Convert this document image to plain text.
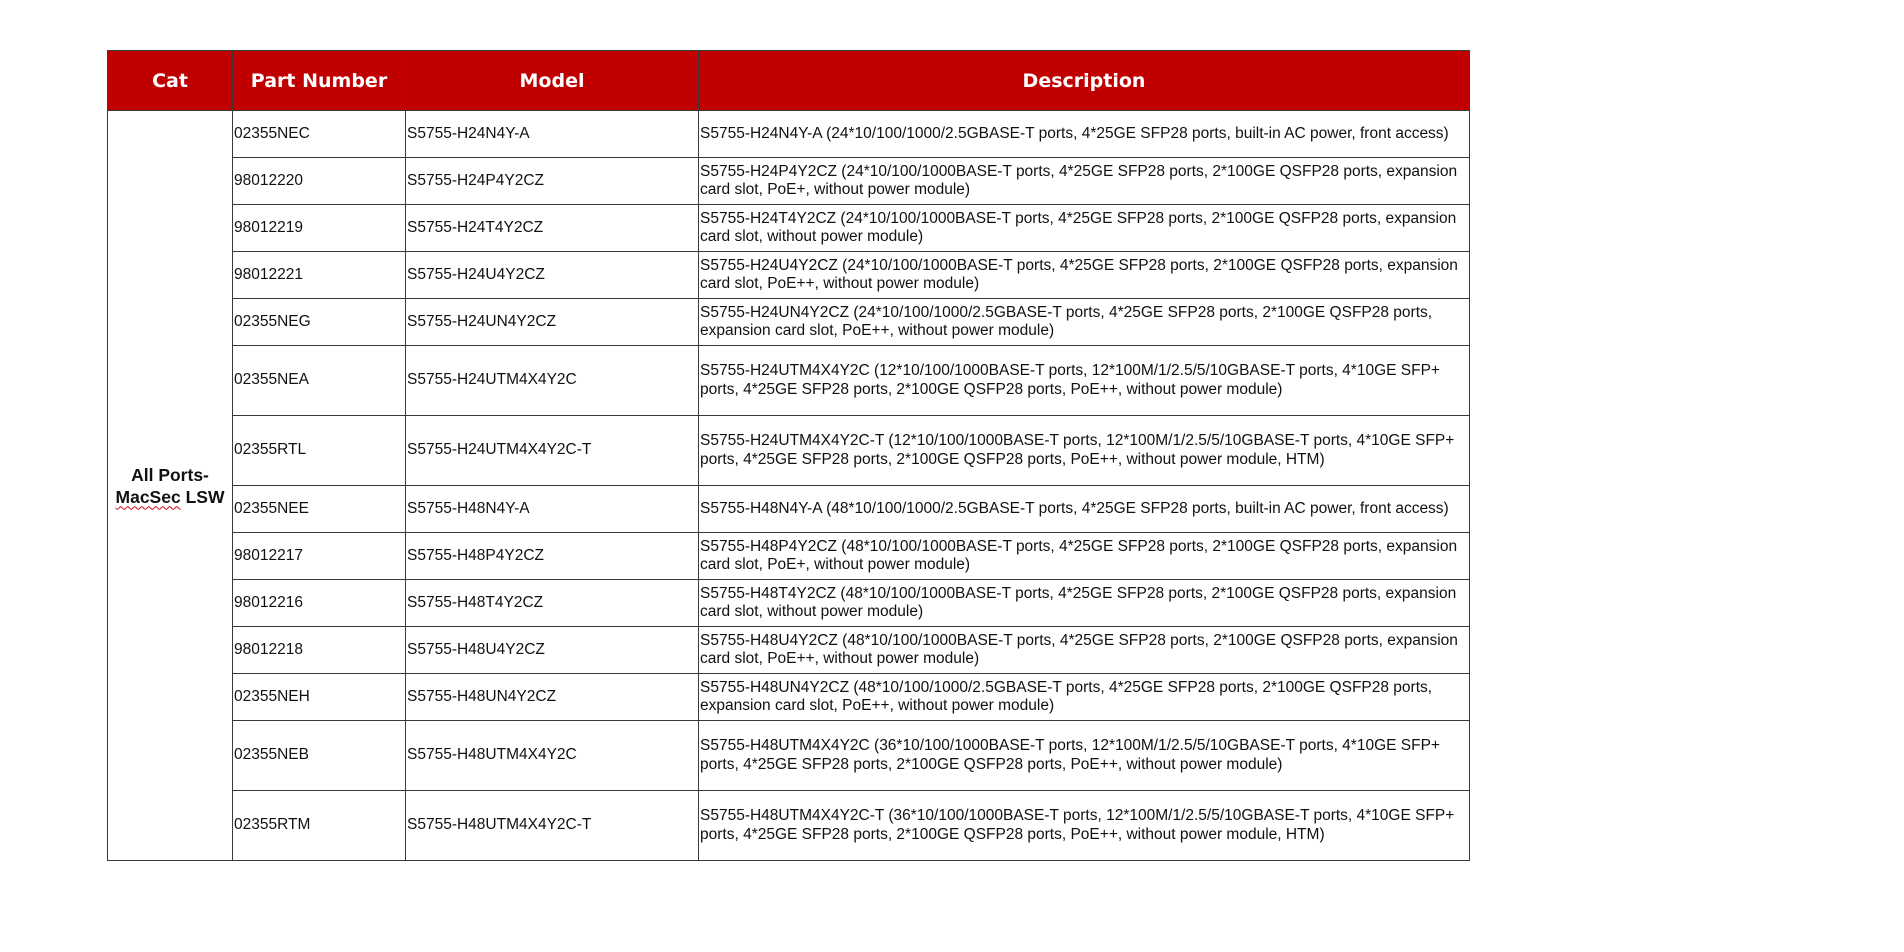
Cat	Part Number	Model	Description
All Ports-
MacSec LSW	02355NEC	S5755-H24N4Y-A	S5755-H24N4Y-A (24*10/100/1000/2.5GBASE-T ports, 4*25GE SFP28 ports, built-in AC power, front access)
	98012220	S5755-H24P4Y2CZ	S5755-H24P4Y2CZ (24*10/100/1000BASE-T ports, 4*25GE SFP28 ports, 2*100GE QSFP28 ports, expansion card slot, PoE+, without power module)
	98012219	S5755-H24T4Y2CZ	S5755-H24T4Y2CZ (24*10/100/1000BASE-T ports, 4*25GE SFP28 ports, 2*100GE QSFP28 ports, expansion card slot, without power module)
	98012221	S5755-H24U4Y2CZ	S5755-H24U4Y2CZ (24*10/100/1000BASE-T ports, 4*25GE SFP28 ports, 2*100GE QSFP28 ports, expansion card slot, PoE++, without power module)
	02355NEG	S5755-H24UN4Y2CZ	S5755-H24UN4Y2CZ (24*10/100/1000/2.5GBASE-T ports, 4*25GE SFP28 ports, 2*100GE QSFP28 ports, expansion card slot, PoE++, without power module)
	02355NEA	S5755-H24UTM4X4Y2C	S5755-H24UTM4X4Y2C (12*10/100/1000BASE-T ports, 12*100M/1/2.5/5/10GBASE-T ports, 4*10GE SFP+ ports, 4*25GE SFP28 ports, 2*100GE QSFP28 ports, PoE++, without power module)
	02355RTL	S5755-H24UTM4X4Y2C-T	S5755-H24UTM4X4Y2C-T (12*10/100/1000BASE-T ports, 12*100M/1/2.5/5/10GBASE-T ports, 4*10GE SFP+ ports, 4*25GE SFP28 ports, 2*100GE QSFP28 ports, PoE++, without power module, HTM)
	02355NEE	S5755-H48N4Y-A	S5755-H48N4Y-A (48*10/100/1000/2.5GBASE-T ports, 4*25GE SFP28 ports, built-in AC power, front access)
	98012217	S5755-H48P4Y2CZ	S5755-H48P4Y2CZ (48*10/100/1000BASE-T ports, 4*25GE SFP28 ports, 2*100GE QSFP28 ports, expansion card slot, PoE+, without power module)
	98012216	S5755-H48T4Y2CZ	S5755-H48T4Y2CZ (48*10/100/1000BASE-T ports, 4*25GE SFP28 ports, 2*100GE QSFP28 ports, expansion card slot, without power module)
	98012218	S5755-H48U4Y2CZ	S5755-H48U4Y2CZ (48*10/100/1000BASE-T ports, 4*25GE SFP28 ports, 2*100GE QSFP28 ports, expansion card slot, PoE++, without power module)
	02355NEH	S5755-H48UN4Y2CZ	S5755-H48UN4Y2CZ (48*10/100/1000/2.5GBASE-T ports, 4*25GE SFP28 ports, 2*100GE QSFP28 ports, expansion card slot, PoE++, without power module)
	02355NEB	S5755-H48UTM4X4Y2C	S5755-H48UTM4X4Y2C (36*10/100/1000BASE-T ports, 12*100M/1/2.5/5/10GBASE-T ports, 4*10GE SFP+ ports, 4*25GE SFP28 ports, 2*100GE QSFP28 ports, PoE++, without power module)
	02355RTM	S5755-H48UTM4X4Y2C-T	S5755-H48UTM4X4Y2C-T (36*10/100/1000BASE-T ports, 12*100M/1/2.5/5/10GBASE-T ports, 4*10GE SFP+ ports, 4*25GE SFP28 ports, 2*100GE QSFP28 ports, PoE++, without power module, HTM)
